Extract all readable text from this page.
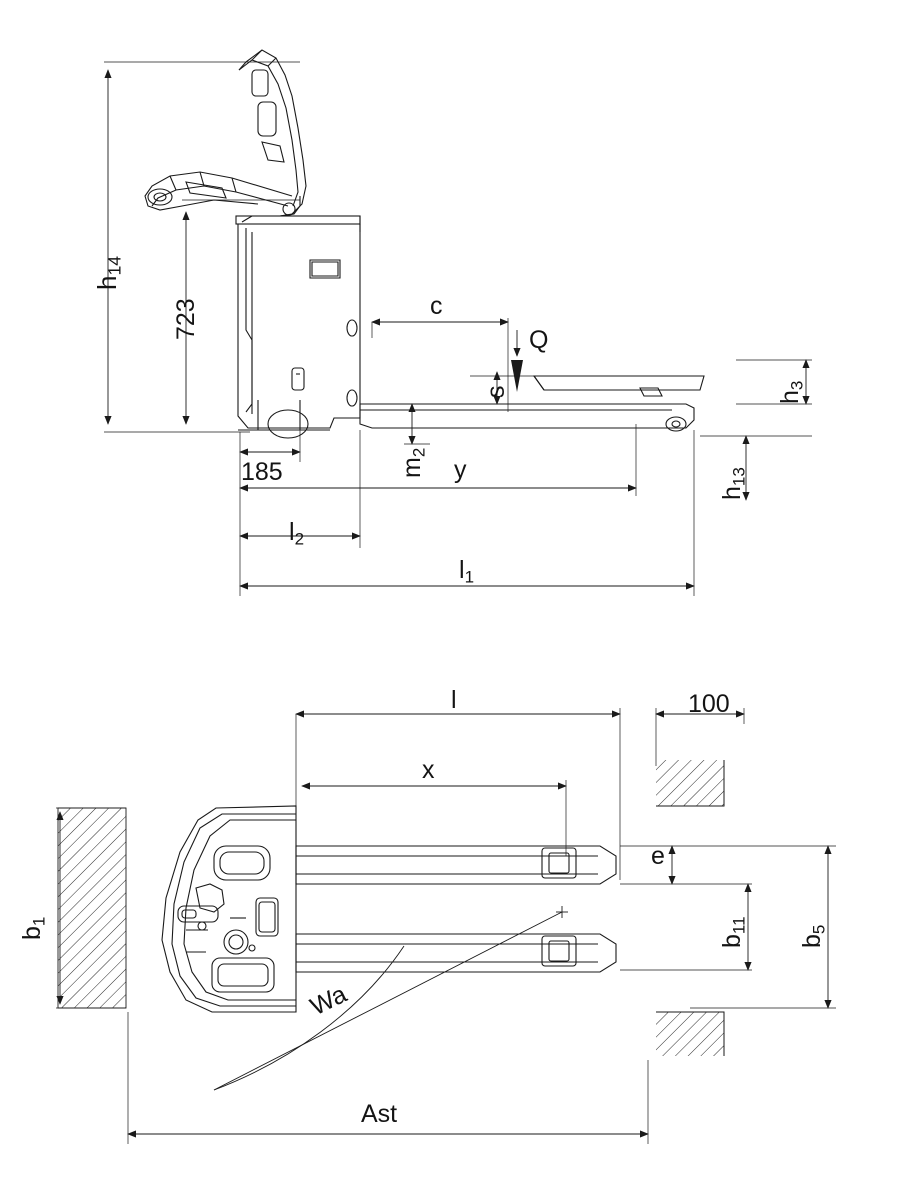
$h_{14}$
723	c
Q
s	$h_3$
$m_2$
y
$h_{13}$
185
$l_2$
$l_1$
l	100
x
$b_1$
e
$b_{11}$
$b_5$
Wa
Ast
